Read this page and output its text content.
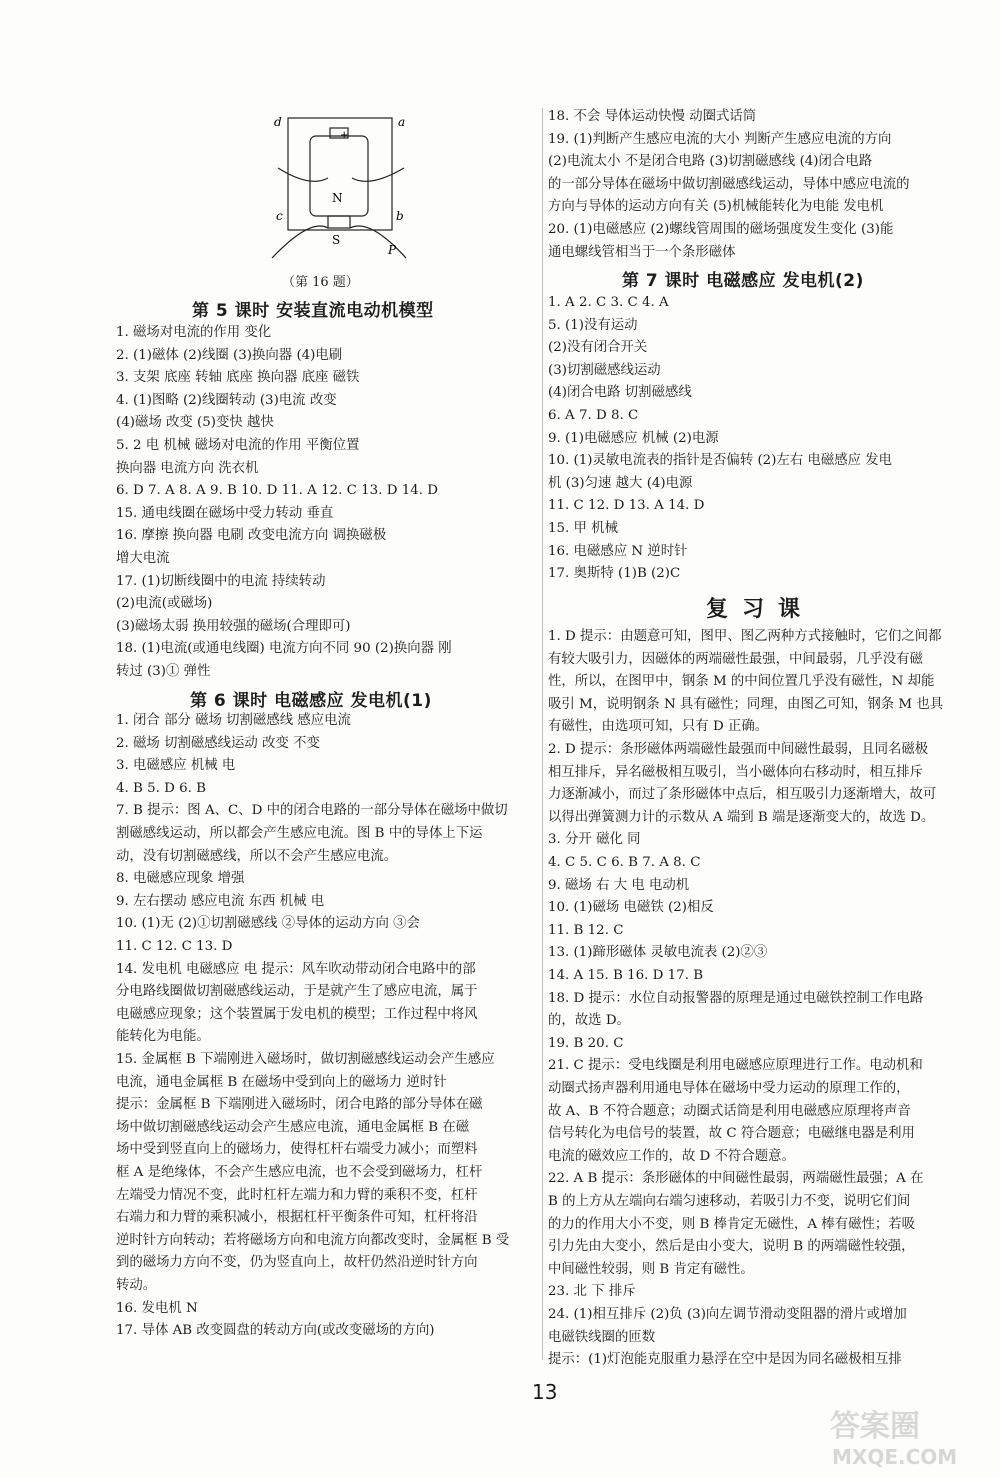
d	a
+
N
c	b
S
P
（第 16 题）
第 5 课时 安装直流电动机模型
1. 磁场对电流的作用 变化
2. (1)磁体 (2)线圈 (3)换向器 (4)电刷
3. 支架 底座 转轴 底座 换向器 底座 磁铁
4. (1)图略 (2)线圈转动 (3)电流 改变
(4)磁场 改变 (5)变快 越快
5. 2 电 机械 磁场对电流的作用 平衡位置
换向器 电流方向 洗衣机
6. D 7. A 8. A 9. B 10. D 11. A 12. C 13. D 14. D
15. 通电线圈在磁场中受力转动 垂直
16. 摩擦 换向器 电刷 改变电流方向 调换磁极
增大电流
17. (1)切断线圈中的电流 持续转动
(2)电流(或磁场)
(3)磁场太弱 换用较强的磁场(合理即可)
18. (1)电流(或通电线圈) 电流方向不同 90 (2)换向器 刚
转过 (3)① 弹性
第 6 课时 电磁感应 发电机(1)
1. 闭合 部分 磁场 切割磁感线 感应电流
2. 磁场 切割磁感线运动 改变 不变
3. 电磁感应 机械 电
4. B 5. D 6. B
7. B 提示：图 A、C、D 中的闭合电路的一部分导体在磁场中做切
割磁感线运动，所以都会产生感应电流。图 B 中的导体上下运
动，没有切割磁感线，所以不会产生感应电流。
8. 电磁感应现象 增强
9. 左右摆动 感应电流 东西 机械 电
10. (1)无 (2)①切割磁感线 ②导体的运动方向 ③会
11. C 12. C 13. D
14. 发电机 电磁感应 电 提示：风车吹动带动闭合电路中的部
分电路线圈做切割磁感线运动，于是就产生了感应电流，属于
电磁感应现象；这个装置属于发电机的模型；工作过程中将风
能转化为电能。
15. 金属框 B 下端刚进入磁场时，做切割磁感线运动会产生感应
电流，通电金属框 B 在磁场中受到向上的磁场力 逆时针
提示：金属框 B 下端刚进入磁场时，闭合电路的部分导体在磁
场中做切割磁感线运动会产生感应电流，通电金属框 B 在磁
场中受到竖直向上的磁场力，使得杠杆右端受力减小；而塑料
框 A 是绝缘体，不会产生感应电流，也不会受到磁场力，杠杆
左端受力情况不变，此时杠杆左端力和力臂的乘积不变，杠杆
右端力和力臂的乘积减小，根据杠杆平衡条件可知，杠杆将沿
逆时针方向转动；若将磁场方向和电流方向都改变时，金属框 B 受
到的磁场力方向不变，仍为竖直向上，故杆仍然沿逆时针方向
转动。
16. 发电机 N
17. 导体 AB 改变圆盘的转动方向(或改变磁场的方向)
18. 不会 导体运动快慢 动圈式话筒
19. (1)判断产生感应电流的大小 判断产生感应电流的方向
(2)电流太小 不是闭合电路 (3)切割磁感线 (4)闭合电路
的一部分导体在磁场中做切割磁感线运动，导体中感应电流的
方向与导体的运动方向有关 (5)机械能转化为电能 发电机
20. (1)电磁感应 (2)螺线管周围的磁场强度发生变化 (3)能
通电螺线管相当于一个条形磁体
第 7 课时 电磁感应 发电机(2)
1. A 2. C 3. C 4. A
5. (1)没有运动
(2)没有闭合开关
(3)切割磁感线运动
(4)闭合电路 切割磁感线
6. A 7. D 8. C
9. (1)电磁感应 机械 (2)电源
10. (1)灵敏电流表的指针是否偏转 (2)左右 电磁感应 发电
机 (3)匀速 越大 (4)电源
11. C 12. D 13. A 14. D
15. 甲 机械
16. 电磁感应 N 逆时针
17. 奥斯特 (1)B (2)C
复习课
1. D 提示：由题意可知，图甲、图乙两种方式接触时，它们之间都
有较大吸引力，因磁体的两端磁性最强，中间最弱，几乎没有磁
性，所以，在图甲中，钢条 M 的中间位置几乎没有磁性，N 却能
吸引 M，说明钢条 N 具有磁性；同理，由图乙可知，钢条 M 也具
有磁性，由选项可知，只有 D 正确。
2. D 提示：条形磁体两端磁性最强而中间磁性最弱，且同名磁极
相互排斥，异名磁极相互吸引，当小磁体向右移动时，相互排斥
力逐渐减小，而过了条形磁体中点后，相互吸引力逐渐增大，故可
以得出弹簧测力计的示数从 A 端到 B 端是逐渐变大的，故选 D。
3. 分开 磁化 同
4. C 5. C 6. B 7. A 8. C
9. 磁场 右 大 电 电动机
10. (1)磁场 电磁铁 (2)相反
11. B 12. C
13. (1)蹄形磁体 灵敏电流表 (2)②③
14. A 15. B 16. D 17. B
18. D 提示：水位自动报警器的原理是通过电磁铁控制工作电路
的，故选 D。
19. B 20. C
21. C 提示：受电线圈是利用电磁感应原理进行工作。电动机和
动圈式扬声器利用通电导体在磁场中受力运动的原理工作的，
故 A、B 不符合题意；动圈式话筒是利用电磁感应原理将声音
信号转化为电信号的装置，故 C 符合题意；电磁继电器是利用
电流的磁效应工作的，故 D 不符合题意。
22. A B 提示：条形磁体的中间磁性最弱，两端磁性最强；A 在
B 的上方从左端向右端匀速移动，若吸引力不变，说明它们间
的力的作用大小不变，则 B 棒肯定无磁性，A 棒有磁性；若吸
引力先由大变小，然后是由小变大，说明 B 的两端磁性较强，
中间磁性较弱，则 B 肯定有磁性。
23. 北 下 排斥
24. (1)相互排斥 (2)负 (3)向左调节滑动变阻器的滑片或增加
电磁铁线圈的匝数
提示：(1)灯泡能克服重力悬浮在空中是因为同名磁极相互排
13
答案圈
MXQE.COM
